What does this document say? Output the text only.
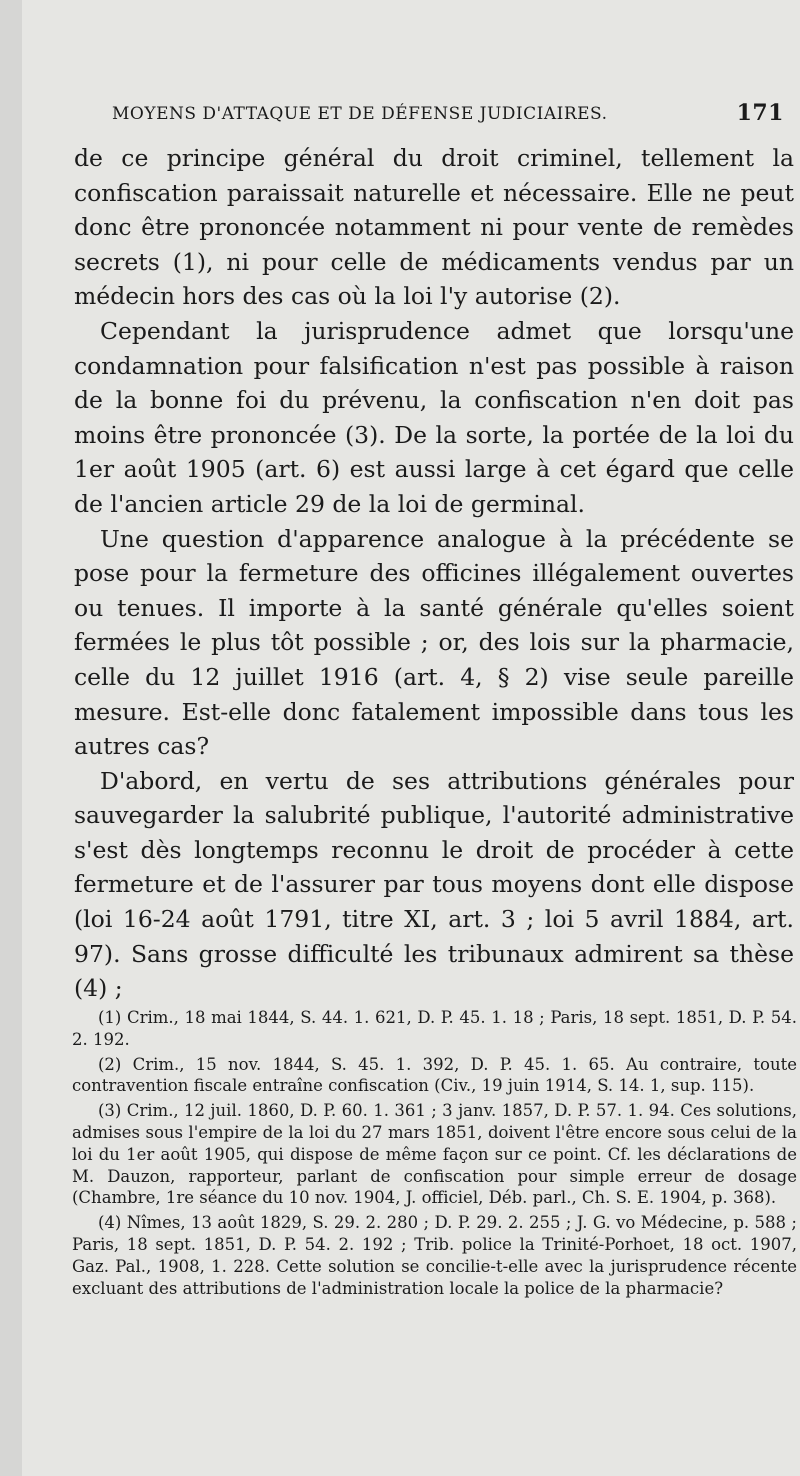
MOYENS D'ATTAQUE ET DE DÉFENSE JUDICIAIRES.	171

de ce principe général du droit criminel, tellement la confiscation paraissait naturelle et nécessaire. Elle ne peut donc être prononcée notamment ni pour vente de remèdes secrets (1), ni pour celle de médicaments vendus par un médecin hors des cas où la loi l'y autorise (2).

Cependant la jurisprudence admet que lorsqu'une condamnation pour falsification n'est pas possible à raison de la bonne foi du prévenu, la confiscation n'en doit pas moins être prononcée (3). De la sorte, la portée de la loi du 1er août 1905 (art. 6) est aussi large à cet égard que celle de l'ancien article 29 de la loi de germinal.

Une question d'apparence analogue à la précédente se pose pour la fermeture des officines illégalement ouvertes ou tenues. Il importe à la santé générale qu'elles soient fermées le plus tôt possible ; or, des lois sur la pharmacie, celle du 12 juillet 1916 (art. 4, § 2) vise seule pareille mesure. Est-elle donc fatalement impossible dans tous les autres cas?

D'abord, en vertu de ses attributions générales pour sauvegarder la salubrité publique, l'autorité administrative s'est dès longtemps reconnu le droit de procéder à cette fermeture et de l'assurer par tous moyens dont elle dispose (loi 16-24 août 1791, titre XI, art. 3 ; loi 5 avril 1884, art. 97). Sans grosse difficulté les tribunaux admirent sa thèse (4) ;

(1) Crim., 18 mai 1844, S. 44. 1. 621, D. P. 45. 1. 18 ; Paris, 18 sept. 1851, D. P. 54. 2. 192.

(2) Crim., 15 nov. 1844, S. 45. 1. 392, D. P. 45. 1. 65. Au contraire, toute contravention fiscale entraîne confiscation (Civ., 19 juin 1914, S. 14. 1, sup. 115).

(3) Crim., 12 juil. 1860, D. P. 60. 1. 361 ; 3 janv. 1857, D. P. 57. 1. 94. Ces solutions, admises sous l'empire de la loi du 27 mars 1851, doivent l'être encore sous celui de la loi du 1er août 1905, qui dispose de même façon sur ce point. Cf. les déclarations de M. Dauzon, rapporteur, parlant de confiscation pour simple erreur de dosage (Chambre, 1re séance du 10 nov. 1904, J. officiel, Déb. parl., Ch. S. E. 1904, p. 368).

(4) Nîmes, 13 août 1829, S. 29. 2. 280 ; D. P. 29. 2. 255 ; J. G. vo Médecine, p. 588 ; Paris, 18 sept. 1851, D. P. 54. 2. 192 ; Trib. police la Trinité-Porhoet, 18 oct. 1907, Gaz. Pal., 1908, 1. 228. Cette solution se concilie-t-elle avec la jurisprudence récente excluant des attributions de l'administration locale la police de la pharmacie?
